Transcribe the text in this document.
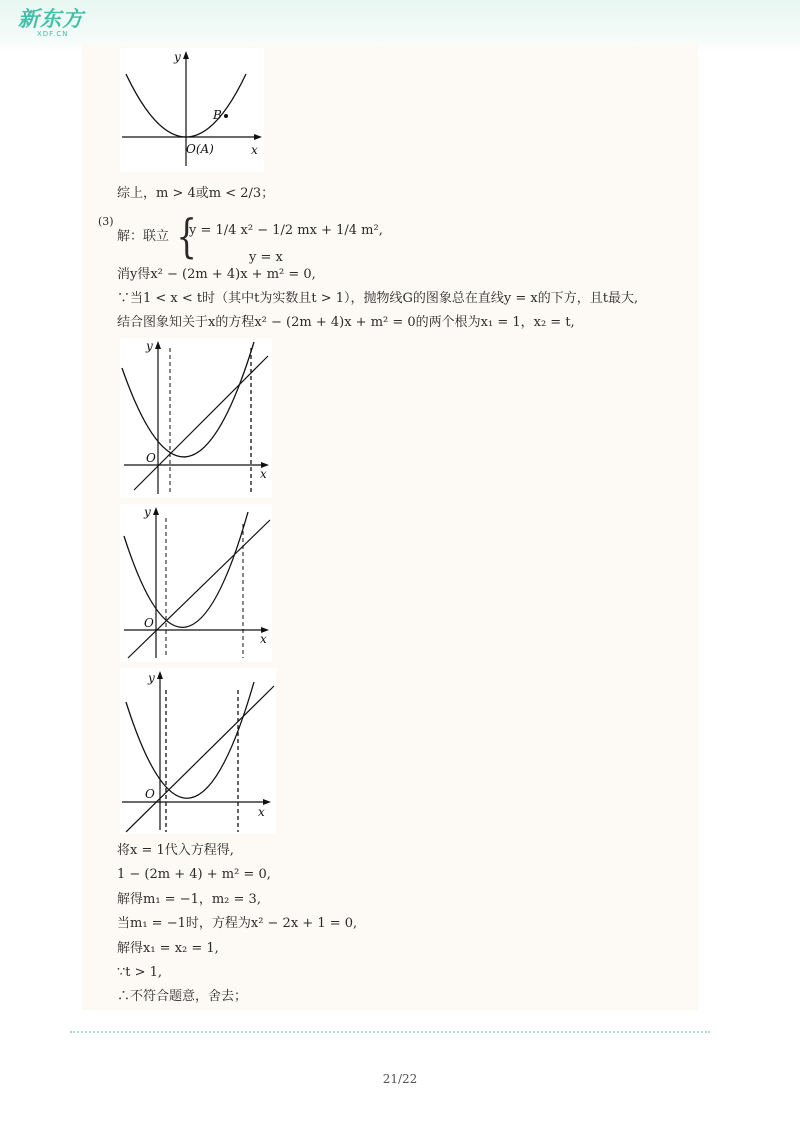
新东方
XDF.CN
y
x
O(A)
B
综上，m > 4或m < 2/3；
(3)
解：联立 {
y = 1/4 x² − 1/2 mx + 1/4 m²,
y = x
消y得x² − (2m + 4)x + m² = 0,
∵当1 < x < t时（其中t为实数且t > 1），抛物线G的图象总在直线y = x的下方，且t最大,
结合图象知关于x的方程x² − (2m + 4)x + m² = 0的两个根为x₁ = 1，x₂ = t,
y
x
O
y
x
O
y
x
O
将x = 1代入方程得,
1 − (2m + 4) + m² = 0,
解得m₁ = −1，m₂ = 3,
当m₁ = −1时，方程为x² − 2x + 1 = 0,
解得x₁ = x₂ = 1,
∵t > 1,
∴不符合题意，舍去；
21/22
